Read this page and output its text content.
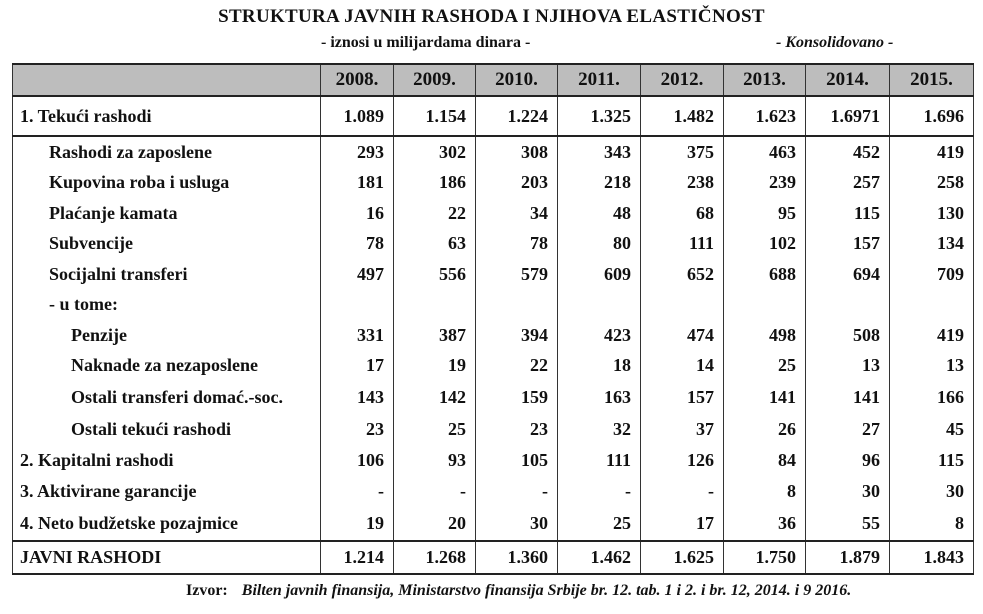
STRUKTURA JAVNIH RASHODA I NJIHOVA ELASTIČNOST
- iznosi u milijardama dinara -	- Konsolidovano -
	2008.	2009.	2010.	2011.	2012.	2013.	2014.	2015.
1. Tekući rashodi	1.089	1.154	1.224	1.325	1.482	1.623	1.6971	1.696
Rashodi za zaposlene	293	302	308	343	375	463	452	419
Kupovina roba i usluga	181	186	203	218	238	239	257	258
Plaćanje kamata	16	22	34	48	68	95	115	130
Subvencije	78	63	78	80	111	102	157	134
Socijalni transferi	497	556	579	609	652	688	694	709
- u tome:								
Penzije	331	387	394	423	474	498	508	419
Naknade za nezaposlene	17	19	22	18	14	25	13	13
Ostali transferi domać.-soc.	143	142	159	163	157	141	141	166
Ostali tekući rashodi	23	25	23	32	37	26	27	45
2. Kapitalni rashodi	106	93	105	111	126	84	96	115
3. Aktivirane garancije	-	-	-	-	-	8	30	30
4. Neto budžetske pozajmice	19	20	30	25	17	36	55	8
JAVNI RASHODI	1.214	1.268	1.360	1.462	1.625	1.750	1.879	1.843
Izvor: Bilten javnih finansija, Ministarstvo finansija Srbije br. 12. tab. 1 i 2. i br. 12, 2014. i 9 2016.
